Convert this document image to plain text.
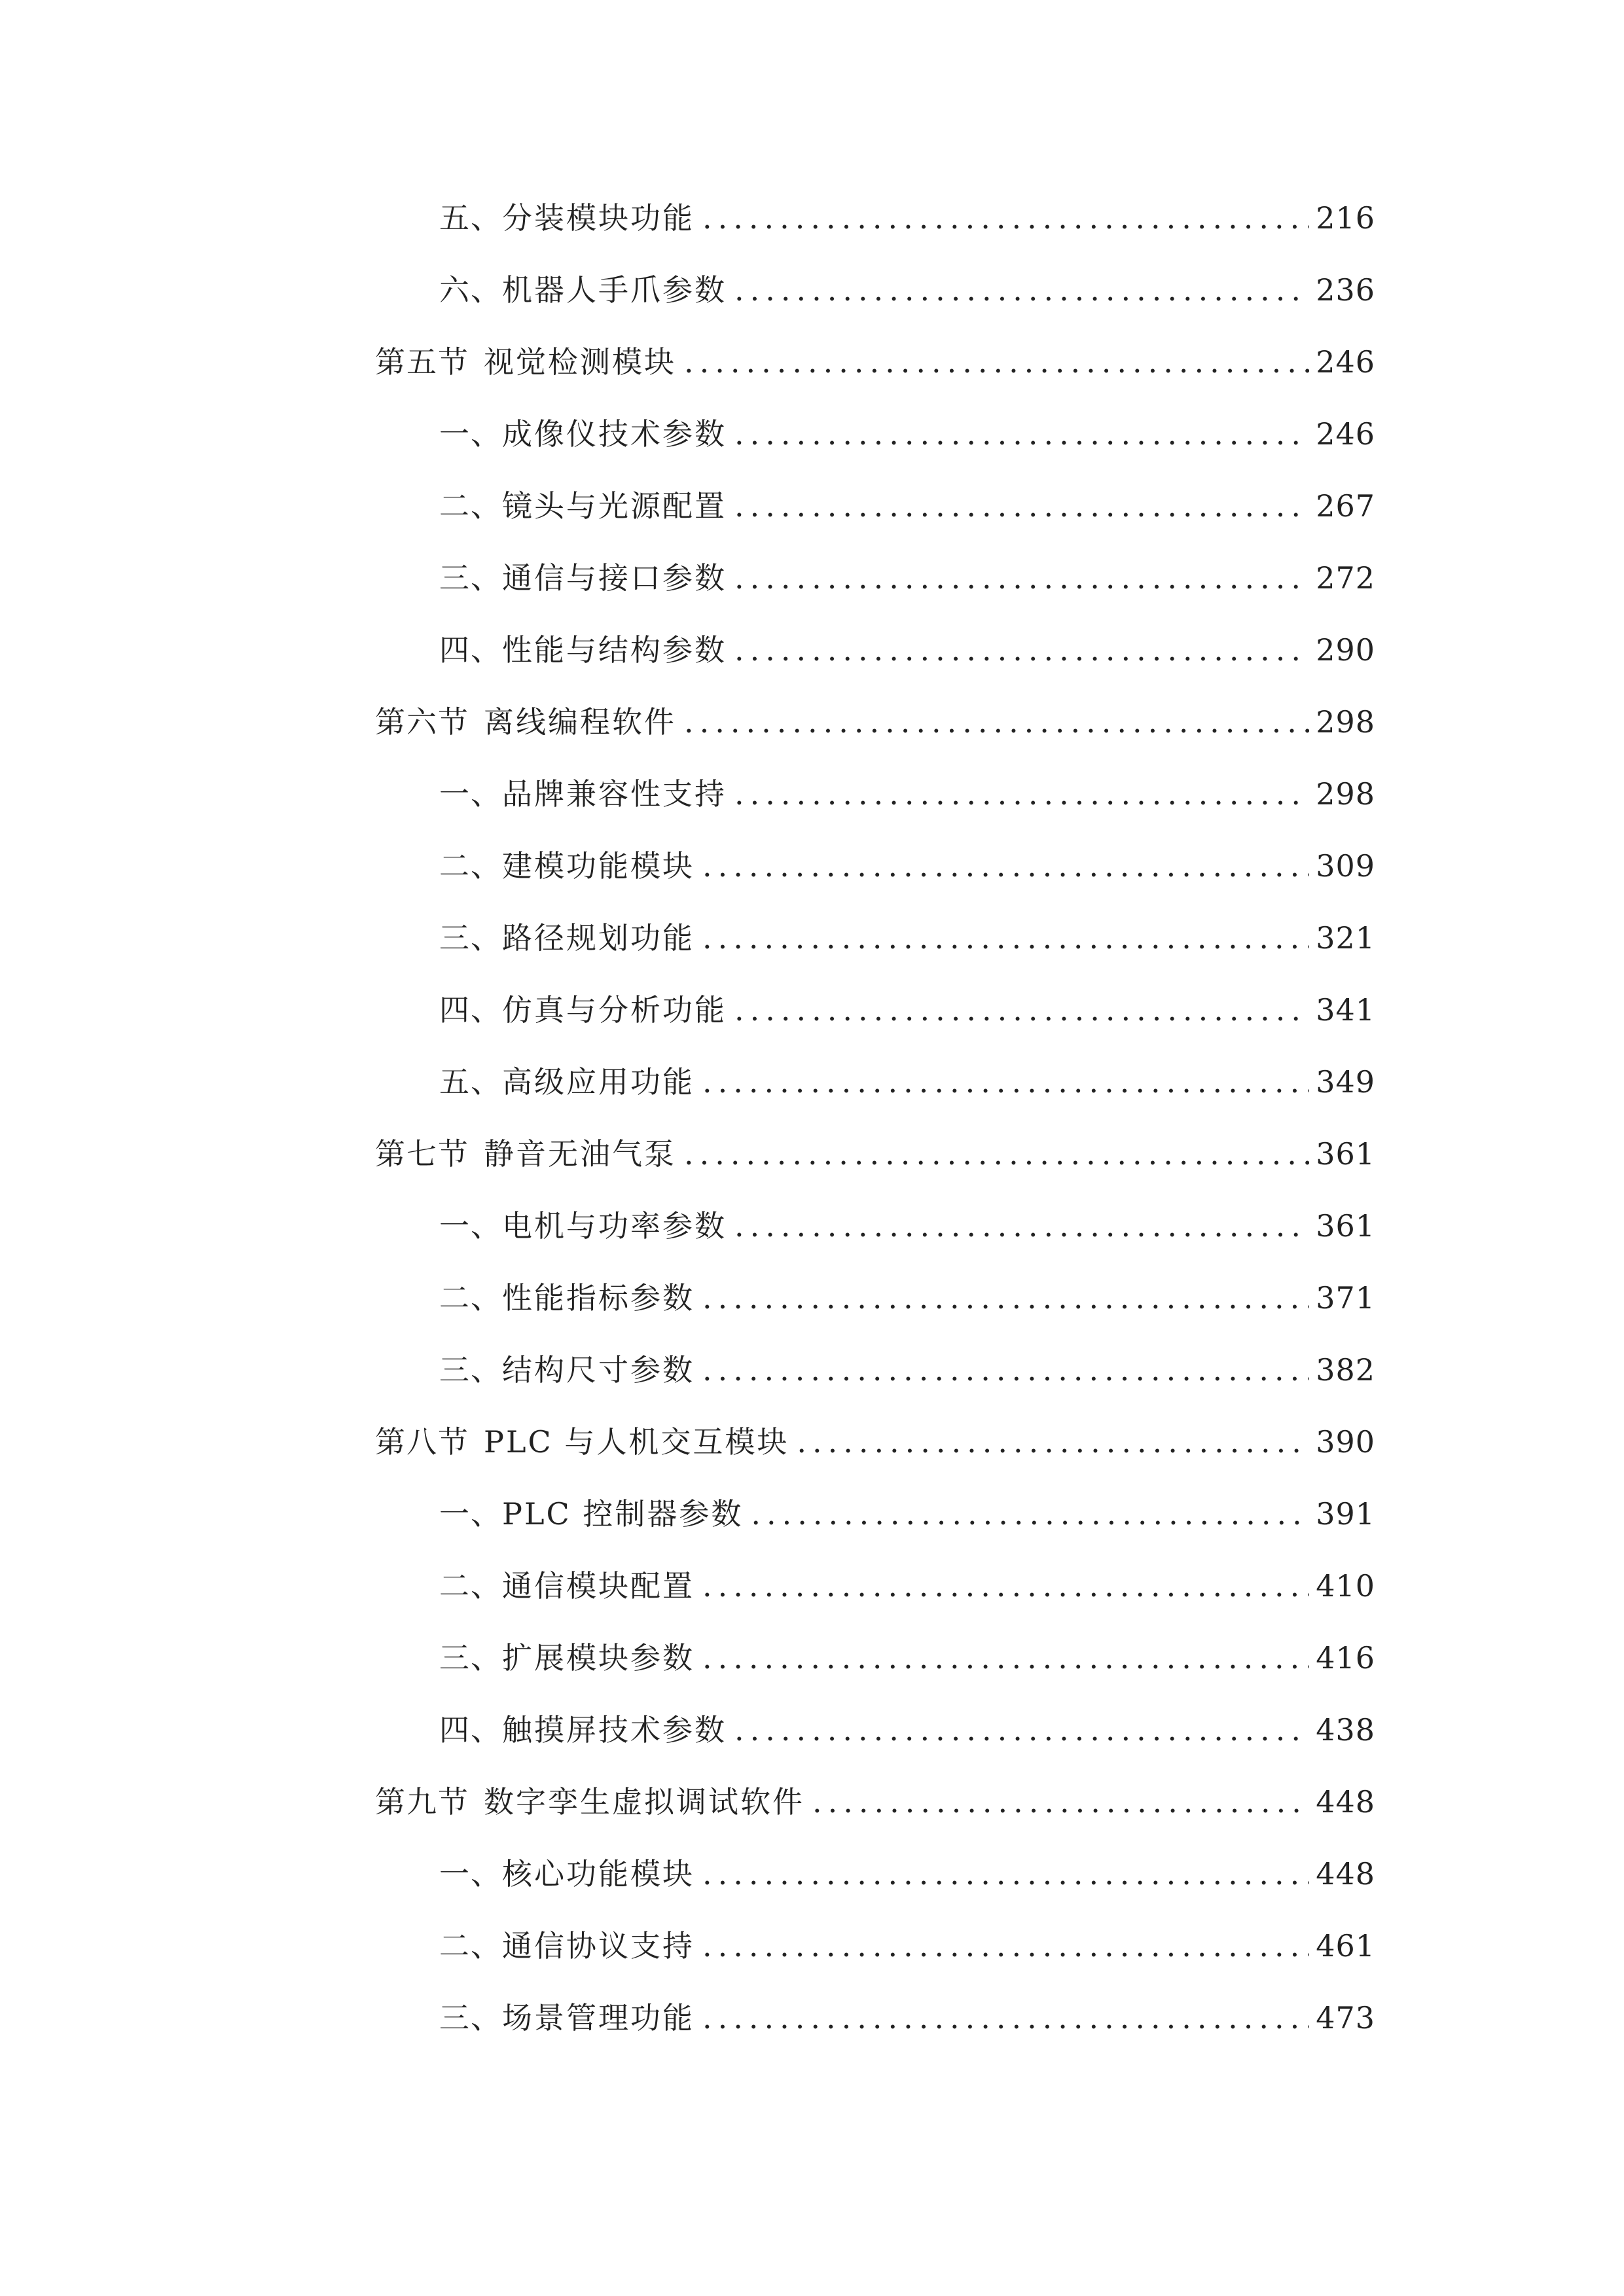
五、 分装模块功能 .....	216
六、 机器人手爪参数 .....	236
第五节 视觉检测模块 .....	246
一、 成像仪技术参数 .....	246
二、 镜头与光源配置 .....	267
三、 通信与接口参数 .....	272
四、 性能与结构参数 .....	290
第六节 离线编程软件 .....	298
一、 品牌兼容性支持 .....	298
二、 建模功能模块 .....	309
三、 路径规划功能 .....	321
四、 仿真与分析功能 .....	341
五、 高级应用功能 .....	349
第七节 静音无油气泵 .....	361
一、 电机与功率参数 .....	361
二、 性能指标参数 .....	371
三、 结构尺寸参数 .....	382
第八节 PLC 与人机交互模块 .....	390
一、 PLC 控制器参数 .....	391
二、 通信模块配置 .....	410
三、 扩展模块参数 .....	416
四、 触摸屏技术参数 .....	438
第九节 数字孪生虚拟调试软件 .....	448
一、 核心功能模块 .....	448
二、 通信协议支持 .....	461
三、 场景管理功能 .....	473
